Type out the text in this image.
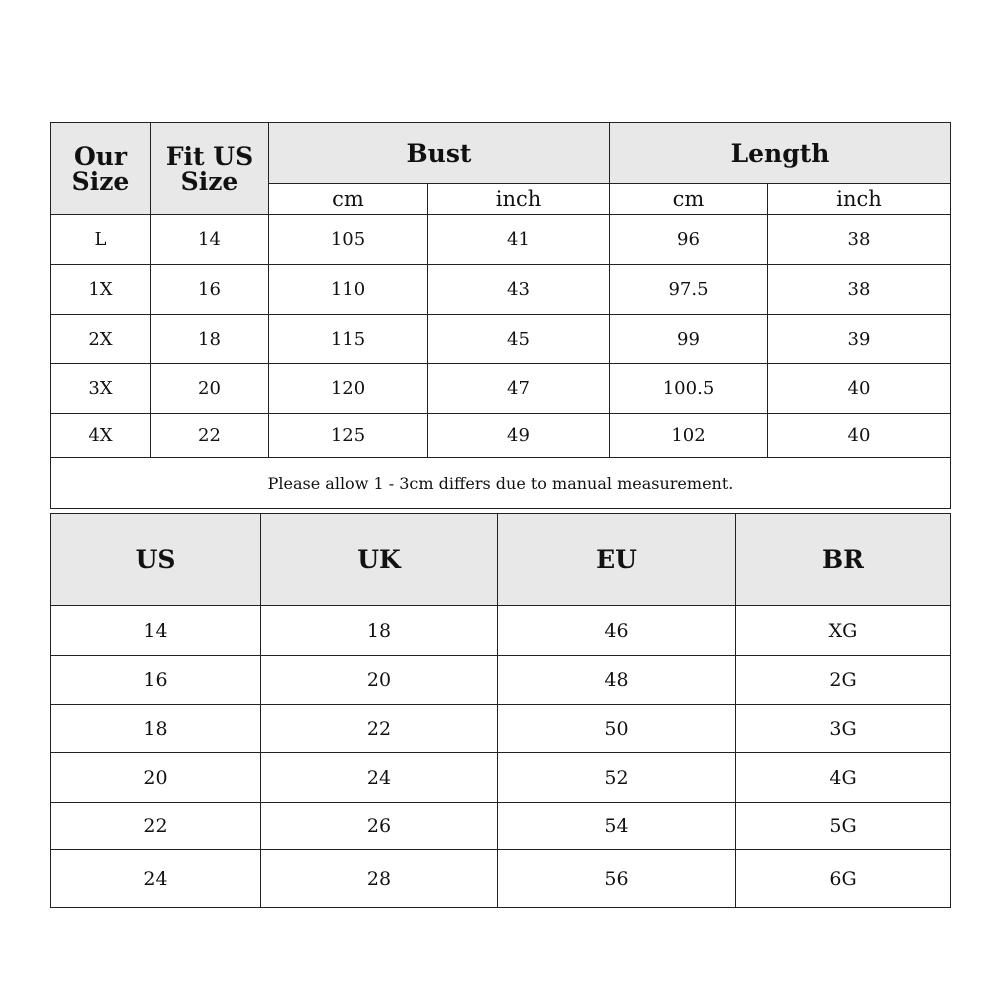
Our Size	Fit US Size	Bust		Length	
		cm	inch	cm	inch
L	14	105	41	96	38
1X	16	110	43	97.5	38
2X	18	115	45	99	39
3X	20	120	47	100.5	40
4X	22	125	49	102	40
Please allow 1 - 3cm differs due to manual measurement.					
US	UK	EU	BR
14	18	46	XG
16	20	48	2G
18	22	50	3G
20	24	52	4G
22	26	54	5G
24	28	56	6G
